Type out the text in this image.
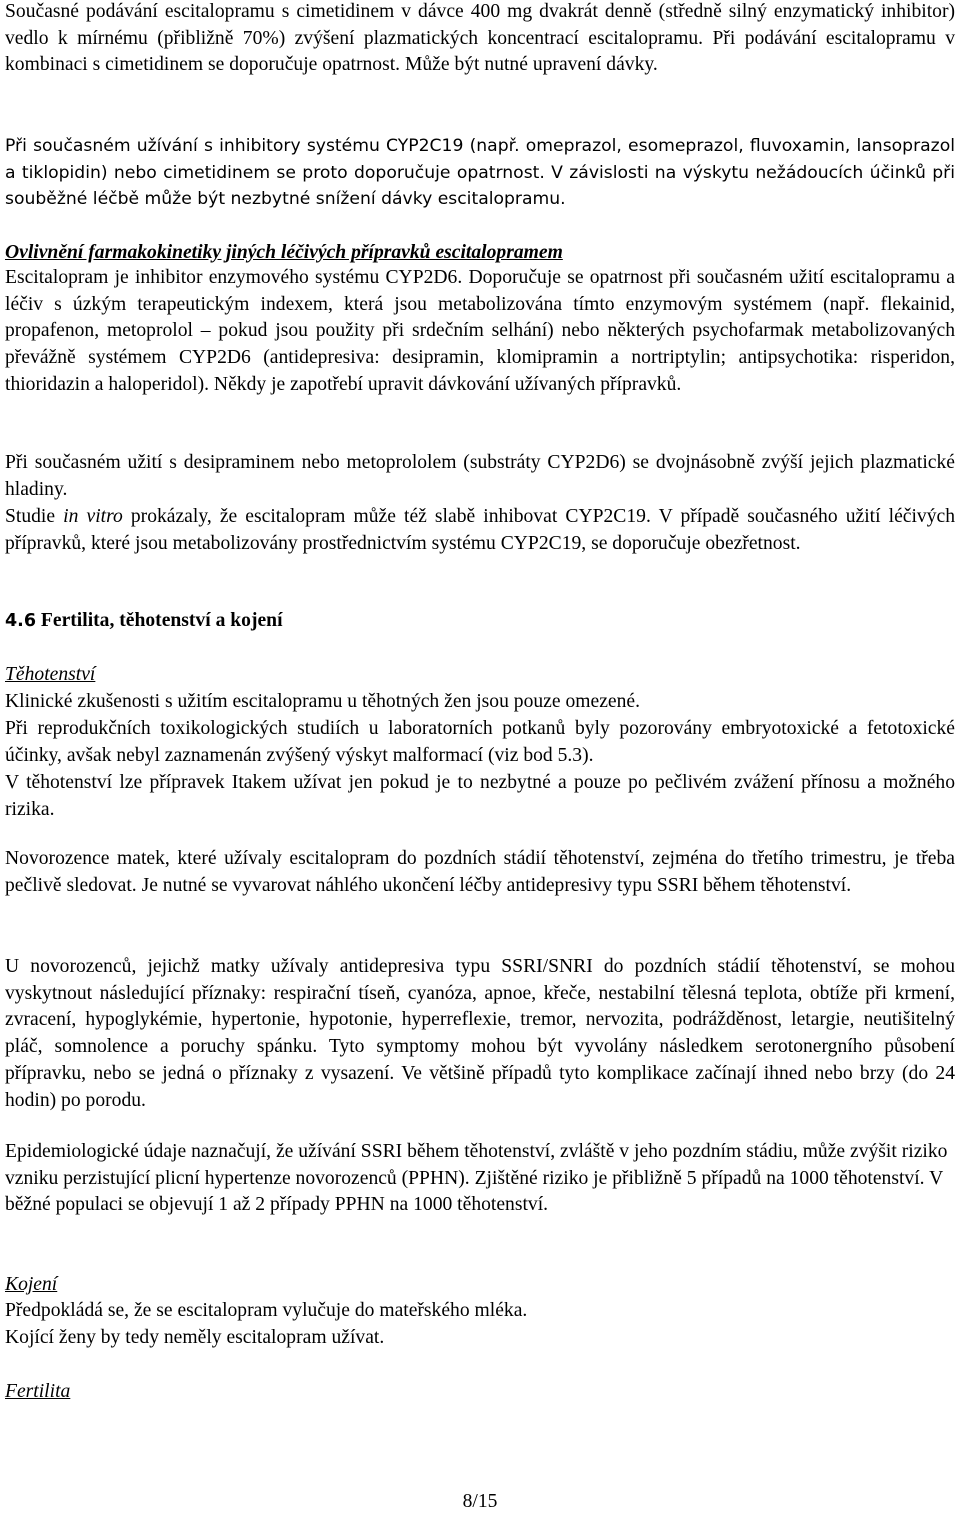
Současné podávání escitalopramu s cimetidinem v dávce 400 mg dvakrát denně (středně silný enzymatický inhibitor) vedlo k mírnému (přibližně 70%) zvýšení plazmatických koncentrací escitalopramu. Při podávání escitalopramu v kombinaci s cimetidinem se doporučuje opatrnost. Může být nutné upravení dávky.
Při současném užívání s inhibitory systému CYP2C19 (např. omeprazol, esomeprazol, fluvoxamin, lansoprazol a tiklopidin) nebo cimetidinem se proto doporučuje opatrnost. V závislosti na výskytu nežádoucích účinků při souběžné léčbě může být nezbytné snížení dávky escitalopramu.
Ovlivnění farmakokinetiky jiných léčivých přípravků escitalopramem
Escitalopram je inhibitor enzymového systému CYP2D6. Doporučuje se opatrnost při současném užití escitalopramu a léčiv s úzkým terapeutickým indexem, která jsou metabolizována tímto enzymovým systémem (např. flekainid, propafenon, metoprolol – pokud jsou použity při srdečním selhání) nebo některých psychofarmak metabolizovaných převážně systémem CYP2D6 (antidepresiva: desipramin, klomipramin a nortriptylin; antipsychotika: risperidon, thioridazin a haloperidol). Někdy je zapotřebí upravit dávkování užívaných přípravků.
Při současném užití s desipraminem nebo metoprololem (substráty CYP2D6) se dvojnásobně zvýší jejich plazmatické hladiny.
Studie in vitro prokázaly, že escitalopram může též slabě inhibovat CYP2C19. V případě současného užití léčivých přípravků, které jsou metabolizovány prostřednictvím systému CYP2C19, se doporučuje obezřetnost.
4.6 Fertilita, těhotenství a kojení
Těhotenství
Klinické zkušenosti s užitím escitalopramu u těhotných žen jsou pouze omezené.
Při reprodukčních toxikologických studiích u laboratorních potkanů byly pozorovány embryotoxické a fetotoxické účinky, avšak nebyl zaznamenán zvýšený výskyt malformací (viz bod 5.3).
V těhotenství lze přípravek Itakem užívat jen pokud je to nezbytné a pouze po pečlivém zvážení přínosu a možného rizika.
Novorozence matek, které užívaly escitalopram do pozdních stádií těhotenství, zejména do třetího trimestru, je třeba pečlivě sledovat. Je nutné se vyvarovat náhlého ukončení léčby antidepresivy typu SSRI během těhotenství.
U novorozenců, jejichž matky užívaly antidepresiva typu SSRI/SNRI do pozdních stádií těhotenství, se mohou vyskytnout následující příznaky: respirační tíseň, cyanóza, apnoe, křeče, nestabilní tělesná teplota, obtíže při krmení, zvracení, hypoglykémie, hypertonie, hypotonie, hyperreflexie, tremor, nervozita, podrážděnost, letargie, neutišitelný pláč, somnolence a poruchy spánku. Tyto symptomy mohou být vyvolány následkem serotonergního působení přípravku, nebo se jedná o příznaky z vysazení. Ve většině případů tyto komplikace začínají ihned nebo brzy (do 24 hodin) po porodu.
Epidemiologické údaje naznačují, že užívání SSRI během těhotenství, zvláště v jeho pozdním stádiu, může zvýšit riziko vzniku perzistující plicní hypertenze novorozenců (PPHN). Zjištěné riziko je přibližně 5 případů na 1000 těhotenství. V běžné populaci se objevují 1 až 2 případy PPHN na 1000 těhotenství.
Kojení
Předpokládá se, že se escitalopram vylučuje do mateřského mléka.
Kojící ženy by tedy neměly escitalopram užívat.
Fertilita
8/15
